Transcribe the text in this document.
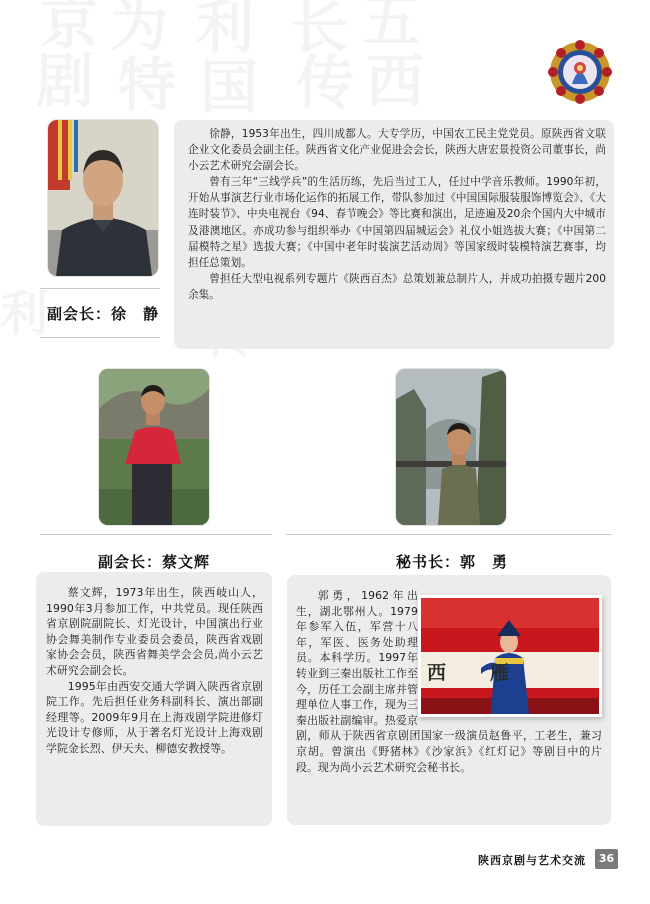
副会长：徐　静

徐静，1953年出生，四川成都人。大专学历，中国农工民主党党员。原陕西省文联企业文化委员会副主任。陕西省文化产业促进会会长，陕西大唐宏景投资公司董事长，尚小云艺术研究会副会长。

曾有三年“三线学兵”的生活历练，先后当过工人，任过中学音乐教师。1990年初，开始从事演艺行业市场化运作的拓展工作，带队参加过《中国国际服装服饰博览会》、《大连时装节》、中央电视台《94、春节晚会》等比赛和演出，足迹遍及20余个国内大中城市及港澳地区。亦成功参与组织举办《中国第四届城运会》礼仪小姐选拔大赛；《中国第二届模特之星》选拔大赛；《中国中老年时装演艺活动周》等国家级时装模特演艺赛事，均担任总策划。

曾担任大型电视系列专题片《陕西百杰》总策划兼总制片人，并成功拍摄专题片200余集。

副会长：蔡文辉

蔡文辉，1973年出生，陕西岐山人，1990年3月参加工作，中共党员。现任陕西省京剧院副院长、灯光设计，中国演出行业协会舞美制作专业委员会委员，陕西省戏剧家协会会员，陕西省舞美学会会员,尚小云艺术研究会副会长。

1995年由西安交通大学调入陕西省京剧院工作。先后担任业务科副科长、演出部副经理等。2009年9月在上海戏剧学院进修灯光设计专修师，从于著名灯光设计上海戏剧学院金长烈、伊天夫、柳德安教授等。

秘书长：郭　勇
西　　雁

郭勇，1962年出生，湖北鄂州人。1979年参军入伍，军营十八年，军医、医务处助理员。本科学历。1997年转业到三秦出版社工作至今，历任工会副主席并管理单位人事工作，现为三秦出版社副编审。热爱京剧，师从于陕西省京剧团国家一级演员赵鲁平，工老生，兼习京胡。曾演出《野猪林》《沙家浜》《红灯记》等剧目中的片段。现为尚小云艺术研究会秘书长。

陕西京剧与艺术交流	36
